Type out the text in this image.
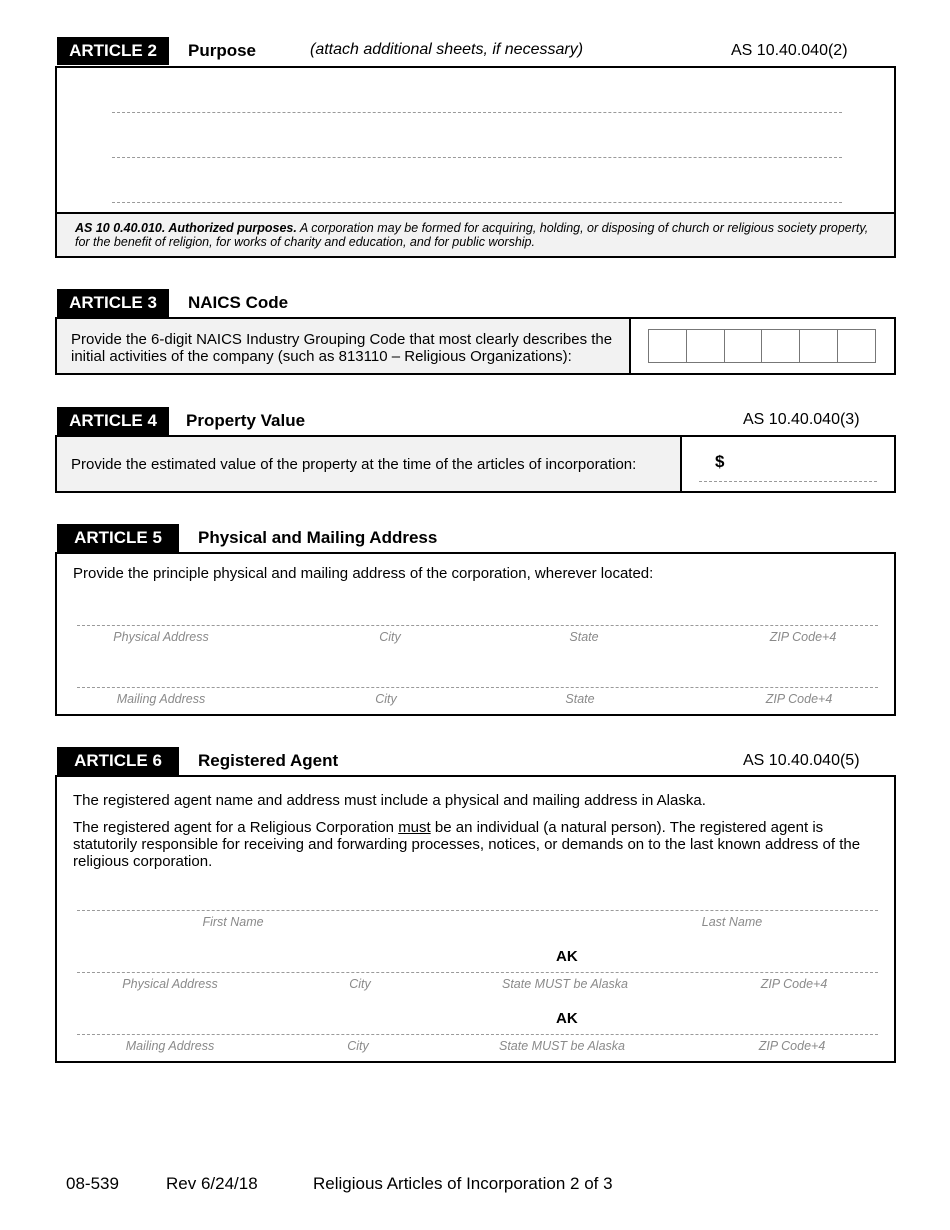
ARTICLE 2	Purpose	(attach additional sheets, if necessary)	AS 10.40.040(2)
AS 10 0.40.010. Authorized purposes. A corporation may be formed for acquiring, holding, or disposing of church or religious society property, for the benefit of religion, for works of charity and education, and for public worship.
ARTICLE 3	NAICS Code
Provide the 6-digit NAICS Industry Grouping Code that most clearly describes the initial activities of the company (such as 813110 – Religious Organizations):
ARTICLE 4	Property Value	AS 10.40.040(3)
Provide the estimated value of the property at the time of the articles of incorporation:	$
ARTICLE 5	Physical and Mailing Address
Provide the principle physical and mailing address of the corporation, wherever located:
Physical Address	City	State	ZIP Code+4
Mailing Address	City	State	ZIP Code+4
ARTICLE 6	Registered Agent	AS 10.40.040(5)
The registered agent name and address must include a physical and mailing address in Alaska.
The registered agent for a Religious Corporation must be an individual (a natural person). The registered agent is statutorily responsible for receiving and forwarding processes, notices, or demands on to the last known address of the religious corporation.
First Name	Last Name
AK
Physical Address	City	State MUST be Alaska	ZIP Code+4
AK
Mailing Address	City	State MUST be Alaska	ZIP Code+4
08-539	Rev 6/24/18	Religious Articles of Incorporation 2 of 3
